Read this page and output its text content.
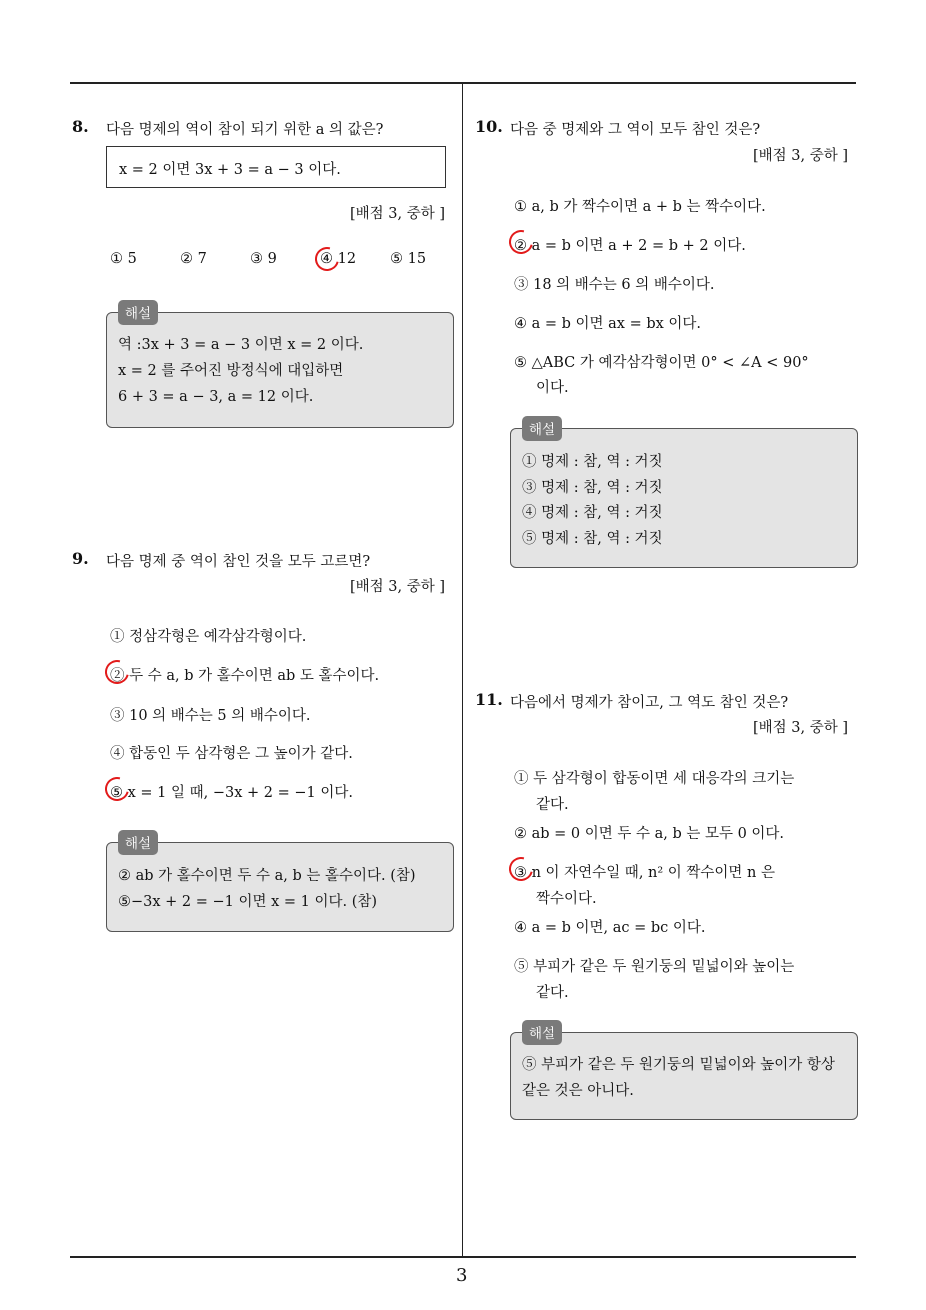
3
8. 다음 명제의 역이 참이 되기 위한 a 의 값은?
x = 2 이면 3x + 3 = a − 3 이다.
[배점 3, 중하 ]
① 5	② 7	③ 9	④ 12 ⑤ 15
해설
역 :3x + 3 = a − 3 이면 x = 2 이다.
x = 2 를 주어진 방정식에 대입하면
6 + 3 = a − 3, a = 12 이다.
9. 다음 명제 중 역이 참인 것을 모두 고르면?
[배점 3, 중하 ]
① 정삼각형은 예각삼각형이다.
② 두 수 a, b 가 홀수이면 ab 도 홀수이다.
③ 10 의 배수는 5 의 배수이다.
④ 합동인 두 삼각형은 그 높이가 같다.
⑤ x = 1 일 때, −3x + 2 = −1 이다.
해설
② ab 가 홀수이면 두 수 a, b 는 홀수이다. (참)
⑤−3x + 2 = −1 이면 x = 1 이다. (참)
10. 다음 중 명제와 그 역이 모두 참인 것은?
[배점 3, 중하 ]
① a, b 가 짝수이면 a + b 는 짝수이다.
② a = b 이면 a + 2 = b + 2 이다.
③ 18 의 배수는 6 의 배수이다.
④ a = b 이면 ax = bx 이다.
⑤ △ABC 가 예각삼각형이면 0° < ∠A < 90°
이다.
해설
① 명제 : 참, 역 : 거짓
③ 명제 : 참, 역 : 거짓
④ 명제 : 참, 역 : 거짓
⑤ 명제 : 참, 역 : 거짓
11. 다음에서 명제가 참이고, 그 역도 참인 것은?
[배점 3, 중하 ]
① 두 삼각형이 합동이면 세 대응각의 크기는
같다.
② ab = 0 이면 두 수 a, b 는 모두 0 이다.
③ n 이 자연수일 때, n² 이 짝수이면 n 은
짝수이다.
④ a = b 이면, ac = bc 이다.
⑤ 부피가 같은 두 원기둥의 밑넓이와 높이는
같다.
해설
⑤ 부피가 같은 두 원기둥의 밑넓이와 높이가 항상
같은 것은 아니다.
